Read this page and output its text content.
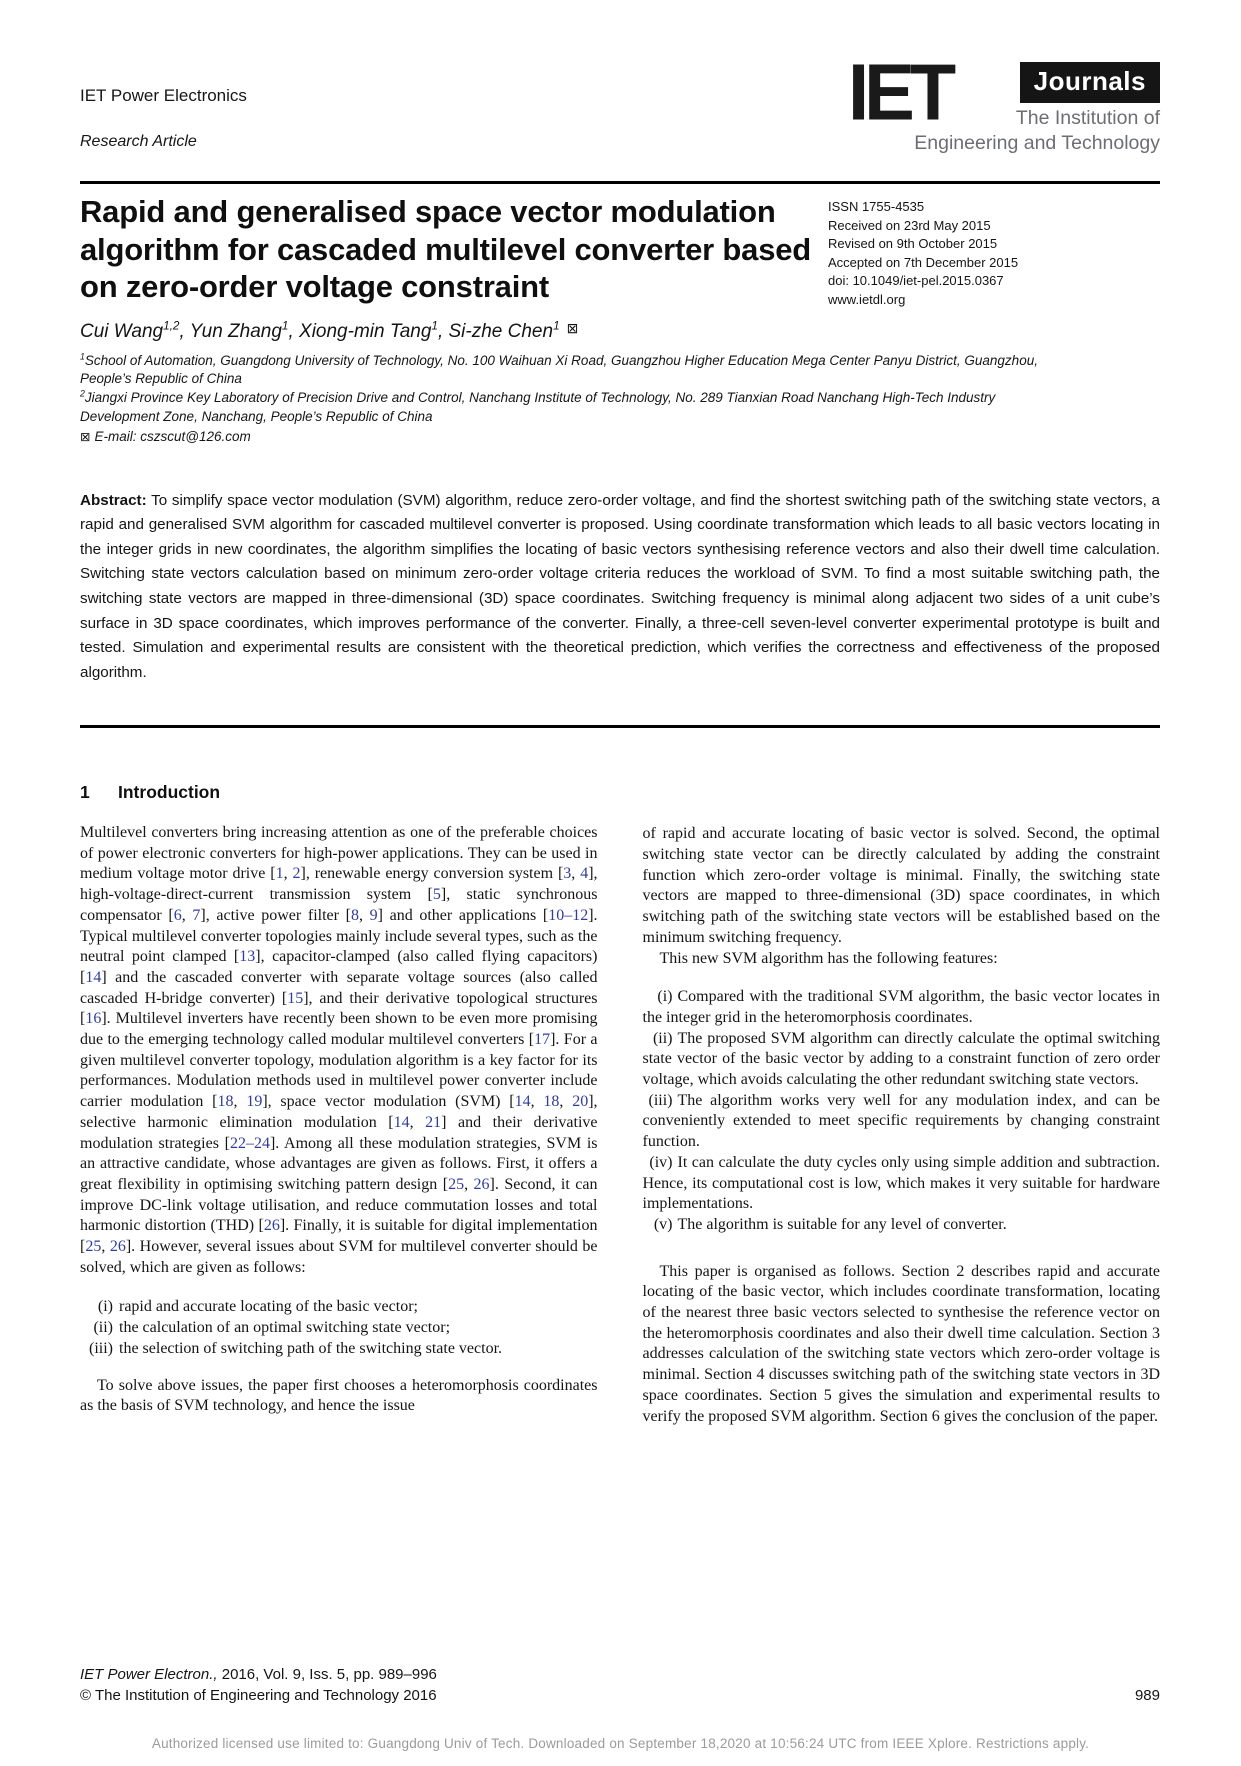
IET Power Electronics
Research Article
IET	Journals
The Institution of
Engineering and Technology
Rapid and generalised space vector modulation algorithm for cascaded multilevel converter based on zero-order voltage constraint
ISSN 1755-4535
Received on 23rd May 2015
Revised on 9th October 2015
Accepted on 7th December 2015
doi: 10.1049/iet-pel.2015.0367
www.ietdl.org
Cui Wang$^{1,2}$, Yun Zhang$^1$, Xiong-min Tang$^1$, Si-zhe Chen$^1$ ⊠
$^1$School of Automation, Guangdong University of Technology, No. 100 Waihuan Xi Road, Guangzhou Higher Education Mega Center Panyu District, Guangzhou, People’s Republic of China
$^2$Jiangxi Province Key Laboratory of Precision Drive and Control, Nanchang Institute of Technology, No. 289 Tianxian Road Nanchang High-Tech Industry Development Zone, Nanchang, People’s Republic of China
⊠ E-mail: cszscut@126.com
Abstract: To simplify space vector modulation (SVM) algorithm, reduce zero-order voltage, and find the shortest switching path of the switching state vectors, a rapid and generalised SVM algorithm for cascaded multilevel converter is proposed. Using coordinate transformation which leads to all basic vectors locating in the integer grids in new coordinates, the algorithm simplifies the locating of basic vectors synthesising reference vectors and also their dwell time calculation. Switching state vectors calculation based on minimum zero-order voltage criteria reduces the workload of SVM. To find a most suitable switching path, the switching state vectors are mapped in three-dimensional (3D) space coordinates. Switching frequency is minimal along adjacent two sides of a unit cube’s surface in 3D space coordinates, which improves performance of the converter. Finally, a three-cell seven-level converter experimental prototype is built and tested. Simulation and experimental results are consistent with the theoretical prediction, which verifies the correctness and effectiveness of the proposed algorithm.
1 Introduction

Multilevel converters bring increasing attention as one of the preferable choices of power electronic converters for high-power applications. They can be used in medium voltage motor drive [1, 2], renewable energy conversion system [3, 4], high-voltage-direct-current transmission system [5], static synchronous compensator [6, 7], active power filter [8, 9] and other applications [10–12]. Typical multilevel converter topologies mainly include several types, such as the neutral point clamped [13], capacitor-clamped (also called flying capacitors) [14] and the cascaded converter with separate voltage sources (also called cascaded H-bridge converter) [15], and their derivative topological structures [16]. Multilevel inverters have recently been shown to be even more promising due to the emerging technology called modular multilevel converters [17]. For a given multilevel converter topology, modulation algorithm is a key factor for its performances. Modulation methods used in multilevel power converter include carrier modulation [18, 19], space vector modulation (SVM) [14, 18, 20], selective harmonic elimination modulation [14, 21] and their derivative modulation strategies [22–24]. Among all these modulation strategies, SVM is an attractive candidate, whose advantages are given as follows. First, it offers a great flexibility in optimising switching pattern design [25, 26]. Second, it can improve DC-link voltage utilisation, and reduce commutation losses and total harmonic distortion (THD) [26]. Finally, it is suitable for digital implementation [25, 26]. However, several issues about SVM for multilevel converter should be solved, which are given as follows:

(i) rapid and accurate locating of the basic vector;
(ii) the calculation of an optimal switching state vector;
(iii) the selection of switching path of the switching state vector.

To solve above issues, the paper first chooses a heteromorphosis coordinates as the basis of SVM technology, and hence the issue

of rapid and accurate locating of basic vector is solved. Second, the optimal switching state vector can be directly calculated by adding the constraint function which zero-order voltage is minimal. Finally, the switching state vectors are mapped to three-dimensional (3D) space coordinates, in which switching path of the switching state vectors will be established based on the minimum switching frequency.

This new SVM algorithm has the following features:

(i) Compared with the traditional SVM algorithm, the basic vector locates in the integer grid in the heteromorphosis coordinates.
(ii) The proposed SVM algorithm can directly calculate the optimal switching state vector of the basic vector by adding to a constraint function of zero order voltage, which avoids calculating the other redundant switching state vectors.
(iii) The algorithm works very well for any modulation index, and can be conveniently extended to meet specific requirements by changing constraint function.
(iv) It can calculate the duty cycles only using simple addition and subtraction. Hence, its computational cost is low, which makes it very suitable for hardware implementations.
(v) The algorithm is suitable for any level of converter.

This paper is organised as follows. Section 2 describes rapid and accurate locating of the basic vector, which includes coordinate transformation, locating of the nearest three basic vectors selected to synthesise the reference vector on the heteromorphosis coordinates and also their dwell time calculation. Section 3 addresses calculation of the switching state vectors which zero-order voltage is minimal. Section 4 discusses switching path of the switching state vectors in 3D space coordinates. Section 5 gives the simulation and experimental results to verify the proposed SVM algorithm. Section 6 gives the conclusion of the paper.

IET Power Electron., 2016, Vol. 9, Iss. 5, pp. 989–996
© The Institution of Engineering and Technology 2016	989
Authorized licensed use limited to: Guangdong Univ of Tech. Downloaded on September 18,2020 at 10:56:24 UTC from IEEE Xplore. Restrictions apply.
